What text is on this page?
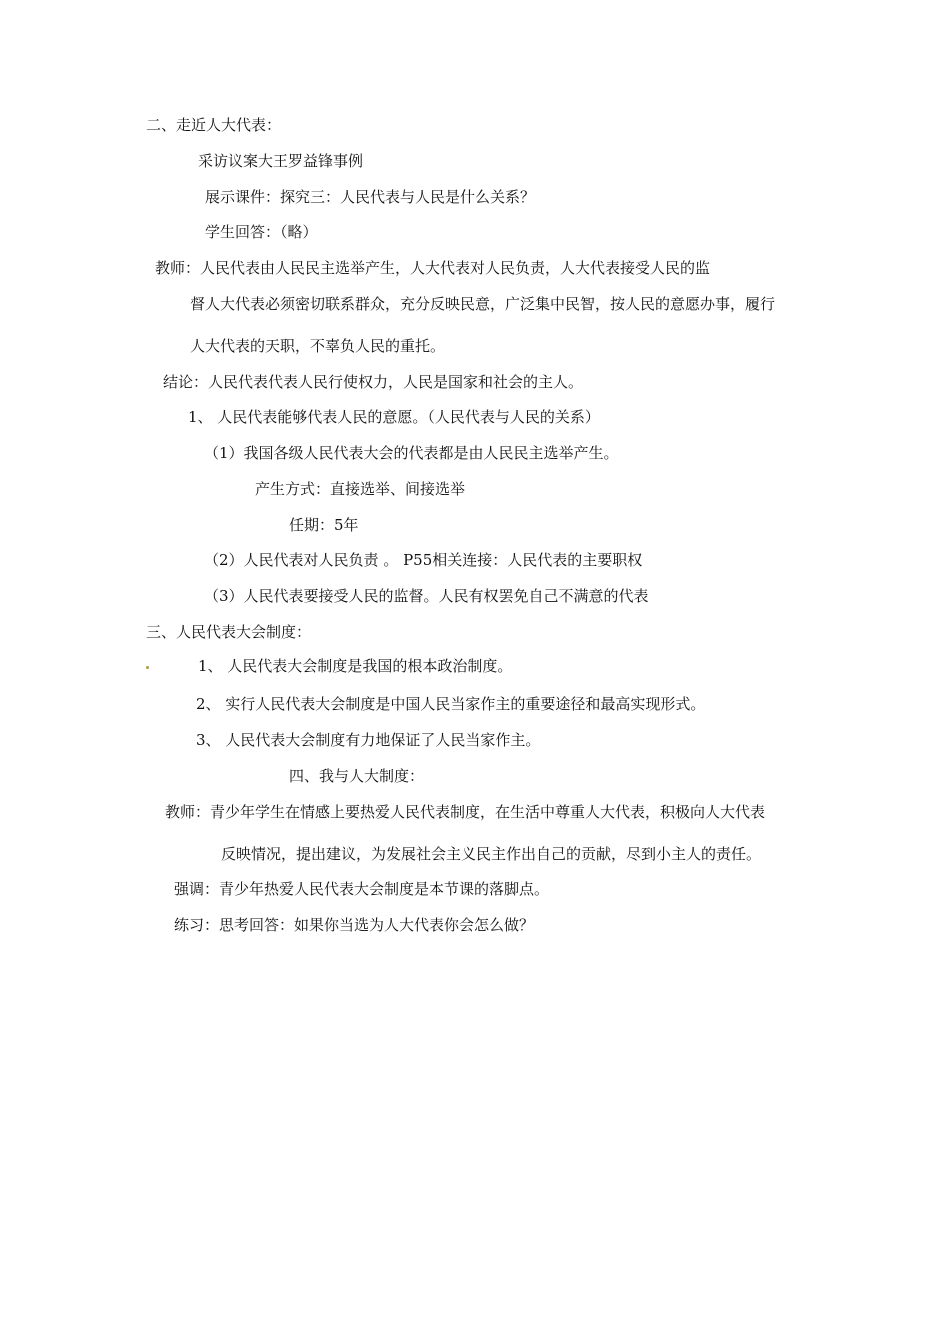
二、走近人大代表：
采访议案大王罗益锋事例
展示课件：探究三：人民代表与人民是什么关系？
学生回答：（略）
教师：人民代表由人民民主选举产生，人大代表对人民负责，人大代表接受人民的监
督人大代表必须密切联系群众，充分反映民意，广泛集中民智，按人民的意愿办事，履行
人大代表的天职，不辜负人民的重托。
结论：人民代表代表人民行使权力，人民是国家和社会的主人。
1、 人民代表能够代表人民的意愿。（人民代表与人民的关系）
（1）我国各级人民代表大会的代表都是由人民民主选举产生。
产生方式：直接选举、间接选举
任期：5年
（2）人民代表对人民负责 。 P55相关连接：人民代表的主要职权
（3）人民代表要接受人民的监督。人民有权罢免自己不满意的代表
三、人民代表大会制度：
1、 人民代表大会制度是我国的根本政治制度。
2、 实行人民代表大会制度是中国人民当家作主的重要途径和最高实现形式。
3、 人民代表大会制度有力地保证了人民当家作主。
四、我与人大制度：
教师：青少年学生在情感上要热爱人民代表制度，在生活中尊重人大代表，积极向人大代表
反映情况，提出建议，为发展社会主义民主作出自己的贡献，尽到小主人的责任。
强调：青少年热爱人民代表大会制度是本节课的落脚点。
练习：思考回答：如果你当选为人大代表你会怎么做？
